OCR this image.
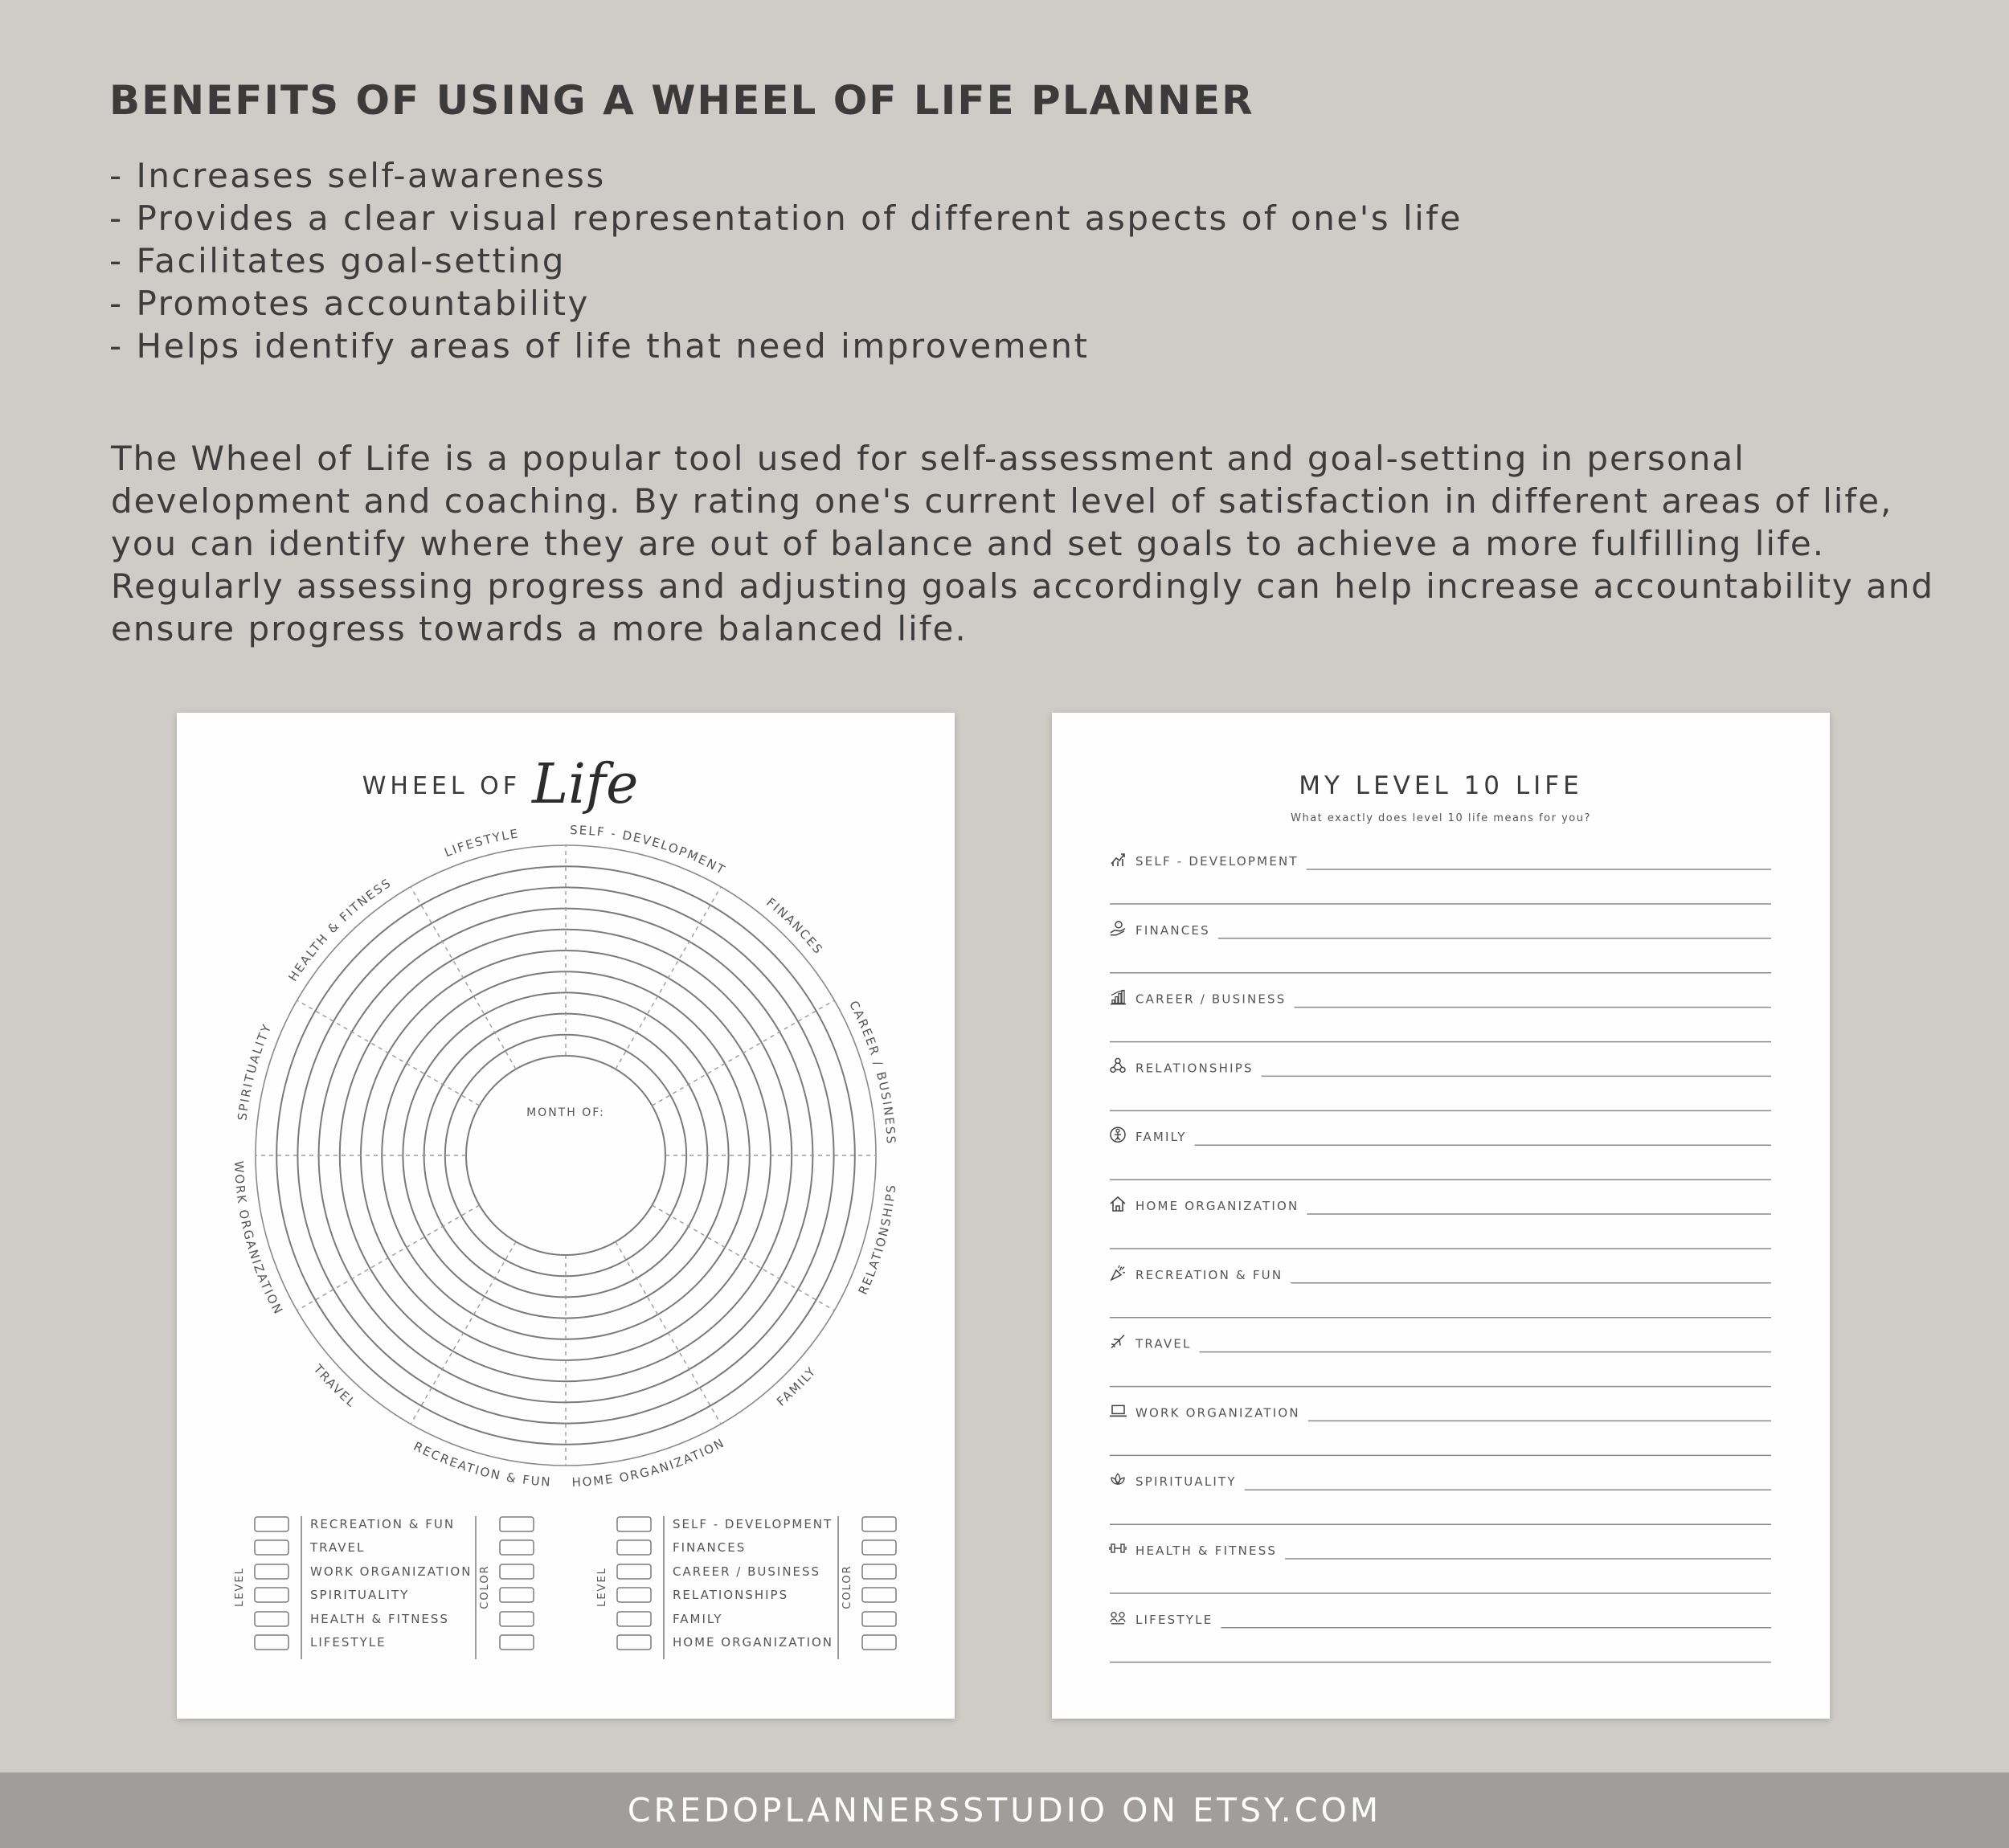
BENEFITS OF USING A WHEEL OF LIFE PLANNER
- Increases self-awareness
- Provides a clear visual representation of different aspects of one's life
- Facilitates goal-setting
- Promotes accountability
- Helps identify areas of life that need improvement

The Wheel of Life is a popular tool used for self-assessment and goal-setting in personal development and coaching. By rating one's current level of satisfaction in different areas of life, you can identify where they are out of balance and set goals to achieve a more fulfilling life. Regularly assessing progress and adjusting goals accordingly can help increase accountability and ensure progress towards a more balanced life.

WHEEL OF Life
SELF - DEVELOPMENT
FINANCES
CAREER / BUSINESS
RELATIONSHIPS
FAMILY
HOME ORGANIZATION
RECREATION & FUN
TRAVEL
WORK ORGANIZATION
SPIRITUALITY
HEALTH & FITNESS
LIFESTYLE
MONTH OF:
LEVEL	COLOR
RECREATION & FUN
TRAVEL
WORK ORGANIZATION
SPIRITUALITY
HEALTH & FITNESS
LIFESTYLE
LEVEL	COLOR
SELF - DEVELOPMENT
FINANCES
CAREER / BUSINESS
RELATIONSHIPS
FAMILY
HOME ORGANIZATION
MY LEVEL 10 LIFE
What exactly does level 10 life means for you?
SELF - DEVELOPMENT
FINANCES
CAREER / BUSINESS
RELATIONSHIPS
FAMILY
HOME ORGANIZATION
RECREATION & FUN
TRAVEL
WORK ORGANIZATION
SPIRITUALITY
HEALTH & FITNESS
LIFESTYLE
CREDOPLANNERSSTUDIO ON ETSY.COM
